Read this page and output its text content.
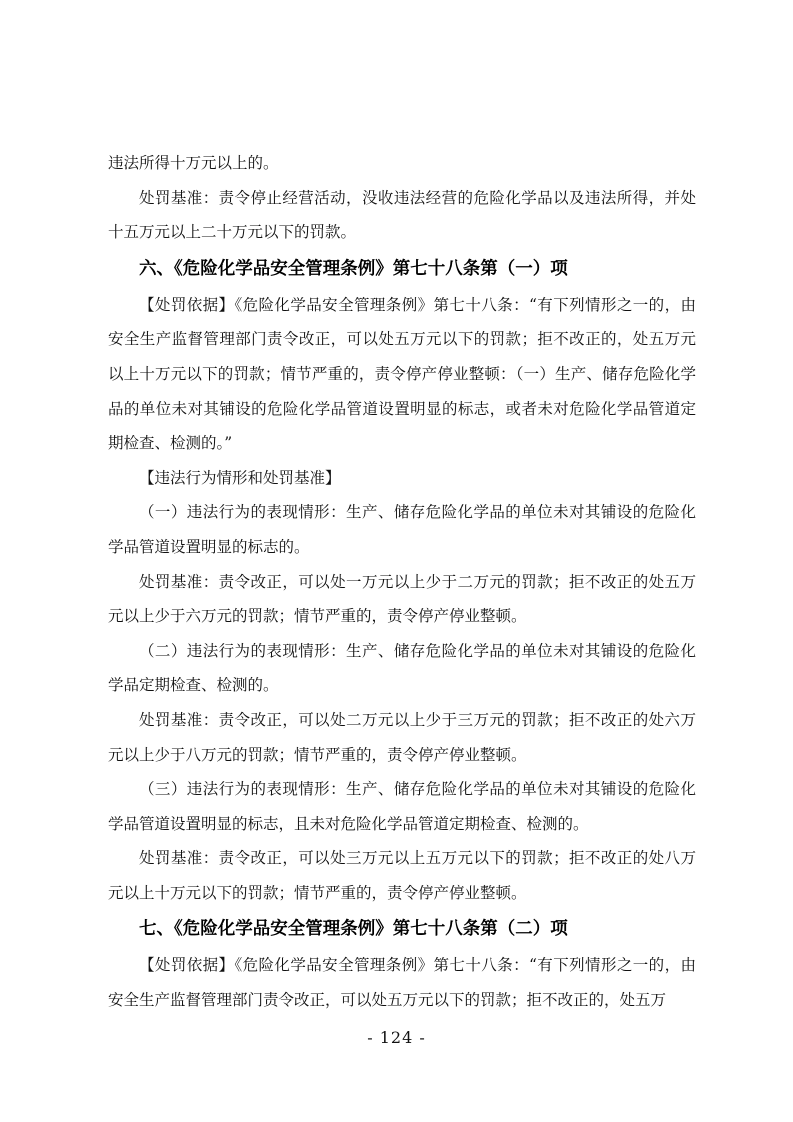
违法所得十万元以上的。

处罚基准：责令停止经营活动，没收违法经营的危险化学品以及违法所得，并处十五万元以上二十万元以下的罚款。

六、《危险化学品安全管理条例》第七十八条第（一）项

【处罚依据】《危险化学品安全管理条例》第七十八条：“有下列情形之一的，由安全生产监督管理部门责令改正，可以处五万元以下的罚款；拒不改正的，处五万元以上十万元以下的罚款；情节严重的，责令停产停业整顿：（一）生产、储存危险化学品的单位未对其铺设的危险化学品管道设置明显的标志，或者未对危险化学品管道定期检查、检测的。”

【违法行为情形和处罚基准】

（一）违法行为的表现情形：生产、储存危险化学品的单位未对其铺设的危险化学品管道设置明显的标志的。

处罚基准：责令改正，可以处一万元以上少于二万元的罚款；拒不改正的处五万元以上少于六万元的罚款；情节严重的，责令停产停业整顿。

（二）违法行为的表现情形：生产、储存危险化学品的单位未对其铺设的危险化学品定期检查、检测的。

处罚基准：责令改正，可以处二万元以上少于三万元的罚款；拒不改正的处六万元以上少于八万元的罚款；情节严重的，责令停产停业整顿。

（三）违法行为的表现情形：生产、储存危险化学品的单位未对其铺设的危险化学品管道设置明显的标志，且未对危险化学品管道定期检查、检测的。

处罚基准：责令改正，可以处三万元以上五万元以下的罚款；拒不改正的处八万元以上十万元以下的罚款；情节严重的，责令停产停业整顿。

七、《危险化学品安全管理条例》第七十八条第（二）项

【处罚依据】《危险化学品安全管理条例》第七十八条：“有下列情形之一的，由安全生产监督管理部门责令改正，可以处五万元以下的罚款；拒不改正的，处五万

- 124 -
